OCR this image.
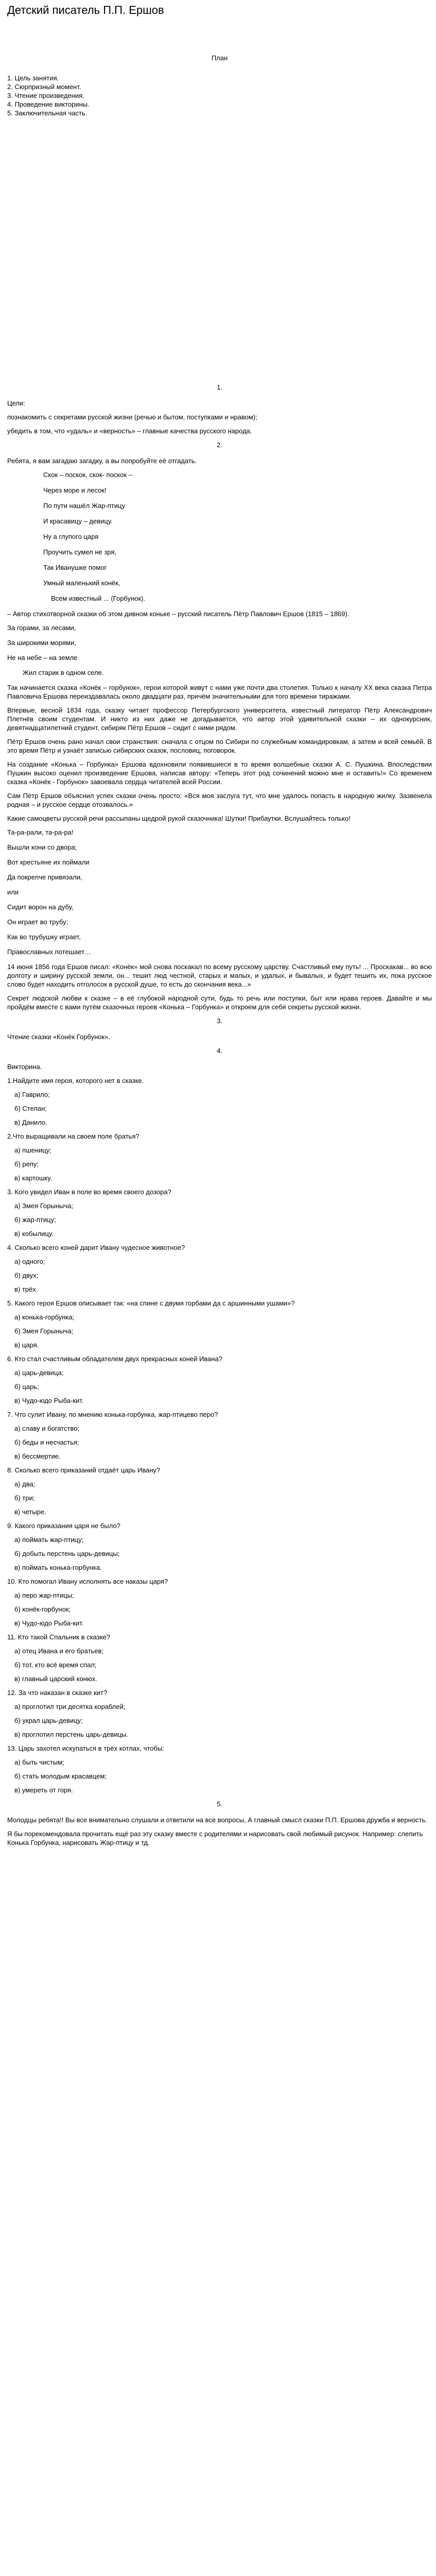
Детский писатель П.П. Ершов
План
1. Цель занятия.
2. Сюрпризный момент.
3. Чтение произведения.
4. Проведение викторины.
5. Заключительная часть.
1.

Цели:

познакомить с секретами русской жизни (речью и бытом, поступками и нравом);

убедить в том, что «удаль» и «верность» – главные качества русского народа.

2.

Ребята, я вам загадаю загадку, а вы попробуйте её отгадать.

Скок – поскок, скок- поскок –

Через море и лесок!

По пути нашёл Жар-птицу

И красавицу – девицу.

Ну а глупого царя

Проучить сумел не зря,

Так Иванушке помог

Умный маленький конёк,

Всем известный ... (Горбунок).

– Автор стихотворной сказки об этом дивном коньке – русский писатель Пётр Павлович Ершов (1815 – 1869).

За горами, за лесами,

За широкими морями,

Не на небе – на земле

Жил старик в одном селе.

Так начинается сказка «Конёк – горбунок», герои которой живут с нами уже почти два столетия. Только к началу XX века сказка Петра Павловича Ершова переиздавалась около двадцати раз, причём значительными для того времени тиражами.

Впервые, весной 1834 года, сказку читает профессор Петербургского университета, известный литератор Пётр Александрович Плетнёв своим студентам. И никто из них даже не догадывается, что автор этой удивительной сказки – их однокурсник, девятнадцатилетний студент, сибиряк Пётр Ершов – сидит с ними рядом.

Пётр Ершов очень рано начал свои странствия: сначала с отцом по Сибири по служебным командировкам, а затем и всей семьёй. В это время Пётр и узнаёт записью сибирских сказок, пословиц, поговорок.

На создание «Конька – Горбунка» Ершова вдохновили появившиеся в то время волшебные сказки А. С. Пушкина. Впоследствии Пушкин высоко оценил произведение Ершова, написав автору: «Теперь этот род сочинений можно мне и оставить!» Со временем сказка «Конёк - Горбунок» завоевала сердца читателей всей России.

Сам Пётр Ершов объяснил успех сказки очень просто: «Вся моя заслуга тут, что мне удалось попасть в народную жилку. Зазвенела родная – и русское сердце отозвалось.»

Какие самоцветы русской речи рассыпаны щедрой рукой сказочника! Шутки! Прибаутки. Вслушайтесь только!

Та-ра-рали, та-ра-ра!

Вышли кони со двора;

Вот крестьяне их поймали

Да покрепче привязали,

или

Сидит ворон на дубу,

Он играет во трубу;

Как во трубушку играет,

Православных потешает…

14 июня 1856 года Ершов писал: «Конёк» мой снова поскакал по всему русскому царству. Счастливый ему путь! ... Проскакав... во всю долготу и ширину русской земли, он... тешит люд честной, старых и малых, и удалых, и бывалых, и будет тешить их, пока русское слово будет находить отголосок в русской душе, то есть до скончания века...»

Секрет людской любви к сказке – в её глубокой народной сути, будь то речь или поступки, быт или нрава героев. Давайте и мы пройдём вместе с вами путём сказочных героев «Конька – Горбунка» и откроем для себя секреты русской жизни.

3.

Чтение сказки «Конёк Горбунок».

4.

Викторина.

1.Найдите имя героя, которого нет в сказке.

а) Гаврило;

б) Степан;

в) Данило.

2.Что выращивали на своем поле братья?

а) пшеницу;

б) репу;

в) картошку.

3. Кого увидел Иван в поле во время своего дозора?

а) Змея Горыныча;

б) жар-птицу;

в) кобылицу.

4. Сколько всего коней дарит Ивану чудесное животное?

а) одного;

б) двух;

в) трёх.

5. Какого героя Ершов описывает так: «на спине с двумя горбами да с аршинными ушами»?

а) конька-горбунка;

б) Змея Горыныча;

в) царя.

6. Кто стал счастливым обладателем двух прекрасных коней Ивана?

а) царь-девица;

б) царь;

в) Чудо-юдо Рыба-кит.

7. Что сулит Ивану, по мнению конька-горбунка, жар-птицево перо?

а) славу и богатство;

б) беды и несчастья;

в) бессмертие.

8. Сколько всего приказаний отдаёт царь Ивану?

а) два;

б) три;

в) четыре.

9. Какого приказания царя не было?

а) поймать жар-птицу;

б) добыть перстень царь-девицы;

в) поймать конька-горбунка.

10. Кто помогал Ивану исполнять все наказы царя?

а) перо жар-птицы;

б) конёк-горбунок;

в) Чудо-юдо Рыба-кит.

11. Кто такой Спальник в сказке?

а) отец Ивана и его братьев;

б) тот, кто всё время спал;

в) главный царский конюх.

12. За что наказан в сказке кит?

а) проглотил три десятка кораблей;

б) украл царь-девицу;

в) проглотил перстень царь-девицы.

13. Царь захотел искупаться в трёх котлах, чтобы:

а) быть чистым;

б) стать молодым красавцем;

в) умереть от горя.

5.

Молодцы ребята!! Вы все внимательно слушали и ответили на все вопросы, А главный смысл сказки П.П. Ершова дружба и верность.

Я бы порекомендовала прочитать ещё раз эту сказку вместе с родителями и нарисовать свой любимый рисунок. Например: слепить Конька Горбунка, нарисовать Жар-птицу и тд.
